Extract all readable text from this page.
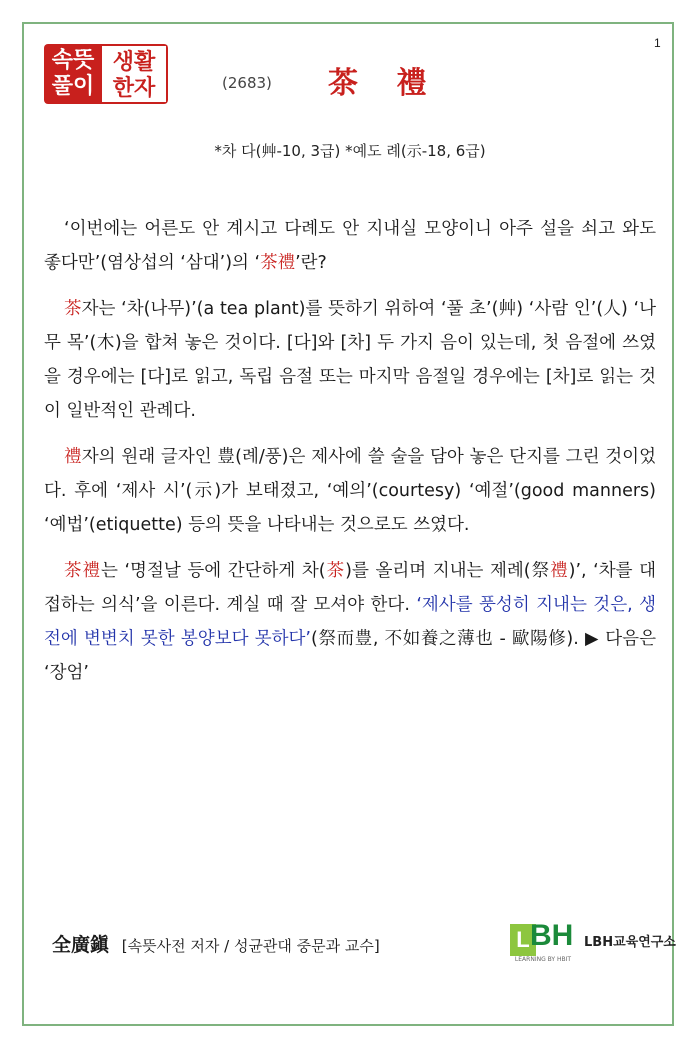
1
속뜻
풀이
생활
한자	(2683) 茶 禮
*차 다(艸-10, 3급) *예도 례(示-18, 6급)

‘이번에는 어른도 안 계시고 다례도 안 지내실 모양이니 아주 설을 쇠고 와도 좋다만’(염상섭의 ‘삼대’)의 ‘茶禮’란?

茶자는 ‘차(나무)’(a tea plant)를 뜻하기 위하여 ‘풀 초’(艸) ‘사람 인’(人) ‘나무 목’(木)을 합쳐 놓은 것이다. [다]와 [차] 두 가지 음이 있는데, 첫 음절에 쓰였을 경우에는 [다]로 읽고, 독립 음절 또는 마지막 음절일 경우에는 [차]로 읽는 것이 일반적인 관례다.

禮자의 원래 글자인 豊(례/풍)은 제사에 쓸 술을 담아 놓은 단지를 그린 것이었다. 후에 ‘제사 시’(示)가 보태졌고, ‘예의’(courtesy) ‘예절’(good manners) ‘예법’(etiquette) 등의 뜻을 나타내는 것으로도 쓰였다.

茶禮는 ‘명절날 등에 간단하게 차(茶)를 올리며 지내는 제례(祭禮)’, ‘차를 대접하는 의식’을 이른다. 계실 때 잘 모셔야 한다. ‘제사를 풍성히 지내는 것은, 생전에 변변치 못한 봉양보다 못하다’(祭而豊, 不如養之薄也 - 歐陽修). ▶ 다음은 ‘장엄’

全廣鎭 [속뜻사전 저자 / 성균관대 중문과 교수]	L BH
LEARNING BY HBIT
LBH교육연구소
